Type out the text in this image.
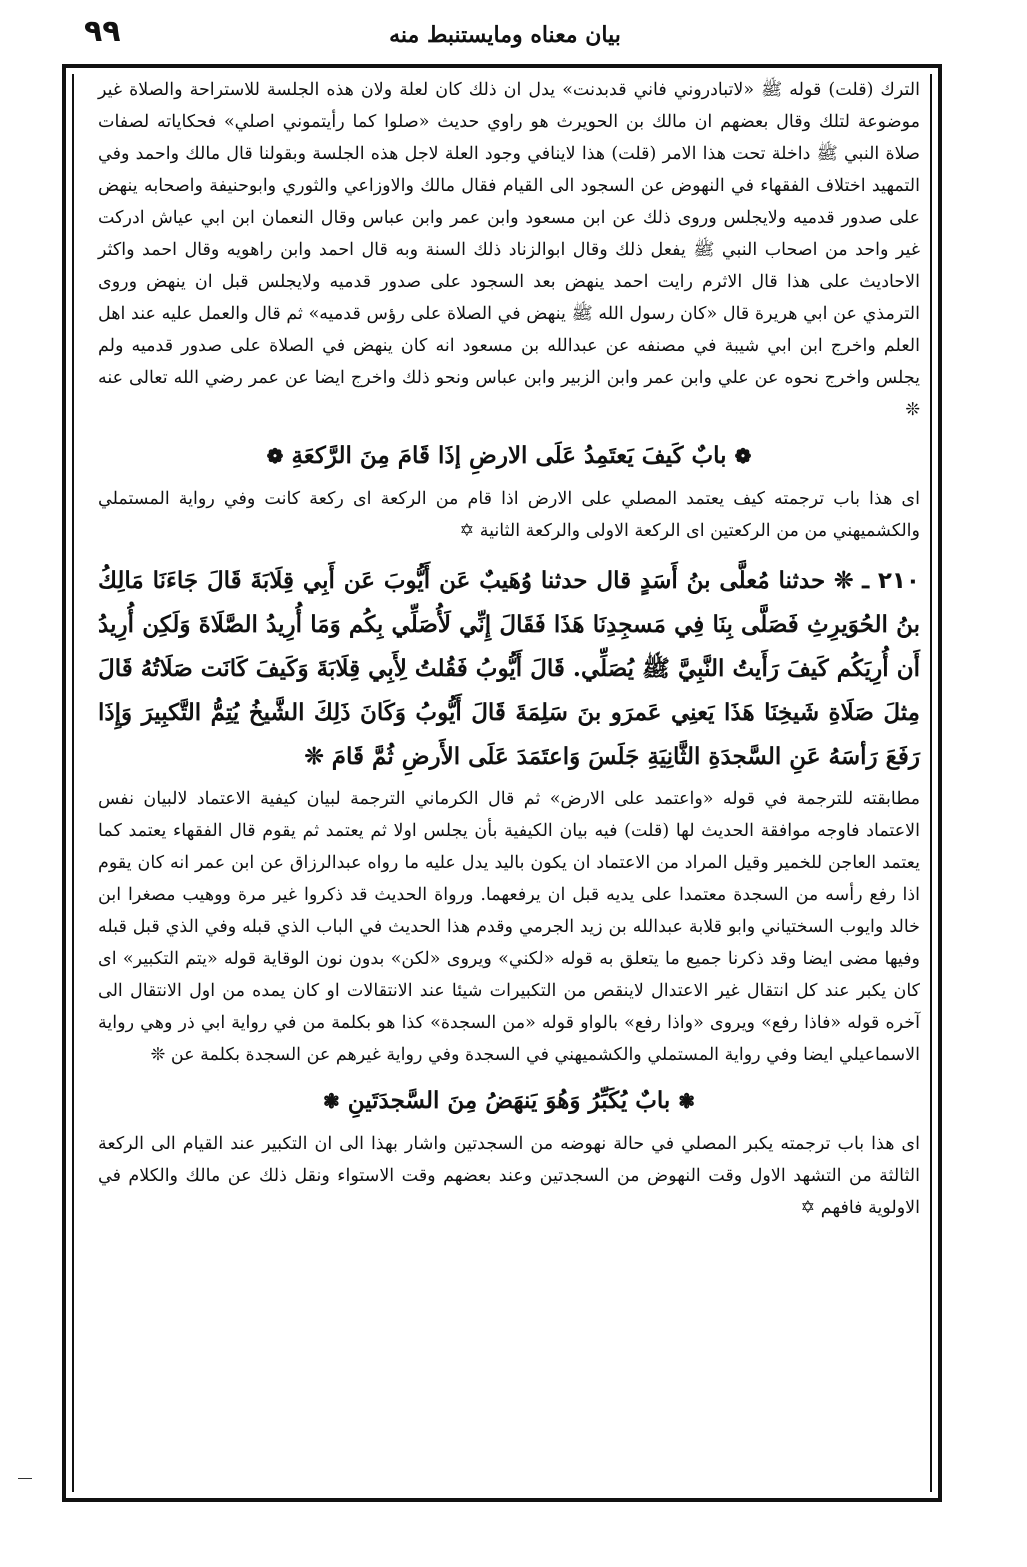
٩٩	بيان معناه ومايستنبط منه

الترك (قلت) قوله ﷺ «لاتبادروني فاني قدبدنت» يدل ان ذلك كان لعلة ولان هذه الجلسة للاستراحة والصلاة غير موضوعة لتلك وقال بعضهم ان مالك بن الحويرث هو راوي حديث «صلوا كما رأيتموني اصلي» فحكاياته لصفات صلاة النبي ﷺ داخلة تحت هذا الامر (قلت) هذا لاينافي وجود العلة لاجل هذه الجلسة وبقولنا قال مالك واحمد وفي التمهيد اختلاف الفقهاء في النهوض عن السجود الى القيام فقال مالك والاوزاعي والثوري وابوحنيفة واصحابه ينهض على صدور قدميه ولايجلس وروى ذلك عن ابن مسعود وابن عمر وابن عباس وقال النعمان ابن ابي عياش ادركت غير واحد من اصحاب النبي ﷺ يفعل ذلك وقال ابوالزناد ذلك السنة وبه قال احمد وابن راهويه وقال احمد واكثر الاحاديث على هذا قال الاثرم رايت احمد ينهض بعد السجود على صدور قدميه ولايجلس قبل ان ينهض وروى الترمذي عن ابي هريرة قال «كان رسول الله ﷺ ينهض في الصلاة على رؤس قدميه» ثم قال والعمل عليه عند اهل العلم واخرج ابن ابي شيبة في مصنفه عن عبدالله بن مسعود انه كان ينهض في الصلاة على صدور قدميه ولم يجلس واخرج نحوه عن علي وابن عمر وابن الزبير وابن عباس ونحو ذلك واخرج ايضا عن عمر رضي الله تعالى عنه ❊

❁بابٌ كَيفَ يَعتَمِدُ عَلَى الارضِ إذَا قَامَ مِنَ الرَّكعَةِ❁

اى هذا باب ترجمته كيف يعتمد المصلي على الارض اذا قام من الركعة اى ركعة كانت وفي رواية المستملي والكشميهني من من الركعتين اى الركعة الاولى والركعة الثانية ✡

٢١٠ ـ ❊ حدثنا مُعلَّى بنُ أَسَدٍ قال حدثنا وُهَيبٌ عَن أَيُّوبَ عَن أَبِي قِلَابَةَ قَالَ جَاءَنَا مَالِكُ بنُ الحُوَيرِثِ فَصَلَّى بِنَا فِي مَسجِدِنَا هَذَا فَقَالَ إِنِّي لَأُصَلِّي بِكُم وَمَا أُرِيدُ الصَّلَاةَ وَلَكِن أُرِيدُ أَن أُرِيَكُم كَيفَ رَأَيتُ النَّبِيَّ ﷺ يُصَلِّي. قَالَ أَيُّوبُ فَقُلتُ لِأَبِي قِلَابَةَ وَكَيفَ كَانَت صَلَاتُهُ قَالَ مِثلَ صَلَاةِ شَيخِنَا هَذَا يَعنِي عَمرَو بنَ سَلِمَةَ قَالَ أَيُّوبُ وَكَانَ ذَلِكَ الشَّيخُ يُتِمُّ التَّكبِيرَ وَإِذَا رَفَعَ رَأسَهُ عَنِ السَّجدَةِ الثَّانِيَةِ جَلَسَ وَاعتَمَدَ عَلَى الأَرضِ ثُمَّ قَامَ ❊

مطابقته للترجمة في قوله «واعتمد على الارض» ثم قال الكرماني الترجمة لبيان كيفية الاعتماد لالبيان نفس الاعتماد فاوجه موافقة الحديث لها (قلت) فيه بيان الكيفية بأن يجلس اولا ثم يعتمد ثم يقوم قال الفقهاء يعتمد كما يعتمد العاجن للخمير وقيل المراد من الاعتماد ان يكون باليد يدل عليه ما رواه عبدالرزاق عن ابن عمر انه كان يقوم اذا رفع رأسه من السجدة معتمدا على يديه قبل ان يرفعهما. ورواة الحديث قد ذكروا غير مرة ووهيب مصغرا ابن خالد وايوب السختياني وابو قلابة عبدالله بن زيد الجرمي وقدم هذا الحديث في الباب الذي قبله وفي الذي قبل قبله وفيها مضى ايضا وقد ذكرنا جميع ما يتعلق به قوله «لكني» ويروى «لكن» بدون نون الوقاية قوله «يتم التكبير» اى كان يكبر عند كل انتقال غير الاعتدال لاينقص من التكبيرات شيئا عند الانتقالات او كان يمده من اول الانتقال الى آخره قوله «فاذا رفع» ويروى «واذا رفع» بالواو قوله «من السجدة» كذا هو بكلمة من في رواية ابي ذر وهي رواية الاسماعيلي ايضا وفي رواية المستملي والكشميهني في السجدة وفي رواية غيرهم عن السجدة بكلمة عن ❊

❃بابٌ يُكَبِّرُ وَهُوَ يَنهَضُ مِنَ السَّجدَتَينِ❃

اى هذا باب ترجمته يكبر المصلي في حالة نهوضه من السجدتين واشار بهذا الى ان التكبير عند القيام الى الركعة الثالثة من التشهد الاول وقت النهوض من السجدتين وعند بعضهم وقت الاستواء ونقل ذلك عن مالك والكلام في الاولوية فافهم ✡
